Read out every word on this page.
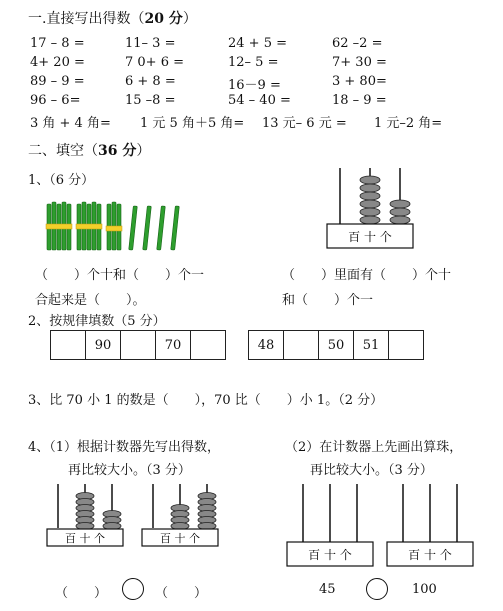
一.直接写出得数（20 分）
17 – 8 =	11– 3 =	24 + 5 =	62 –2 =
4+ 20 =	7 0+ 6 =	12– 5 =	7+ 30 =
89 – 9 =	6 + 8 =	16－9 =	3 + 80=
96 – 6=	15 –8 =	54 – 40 =	18 – 9 =
3 角 + 4 角= 1 元 5 角＋5 角= 13 元– 6 元 = 1 元–2 角=
二、填空（36 分）
1、（6 分）
百 十 个
（　　）个十和（　　）个一
合起来是（　　）。
（　　）里面有（　　）个十
和（　　）个一
2、按规律填数（5 分）
90	70	48	50	51
3、比 70 小 1 的数是（　　），70 比（　　）小 1。（2 分）
4、（1）根据计数器先写出得数，
再比较大小。（3 分）
（2）在计数器上先画出算珠，
再比较大小。（3 分）
百 十 个	百 十 个
百 十 个	百 十 个
（　　）	（　　）	45	100
